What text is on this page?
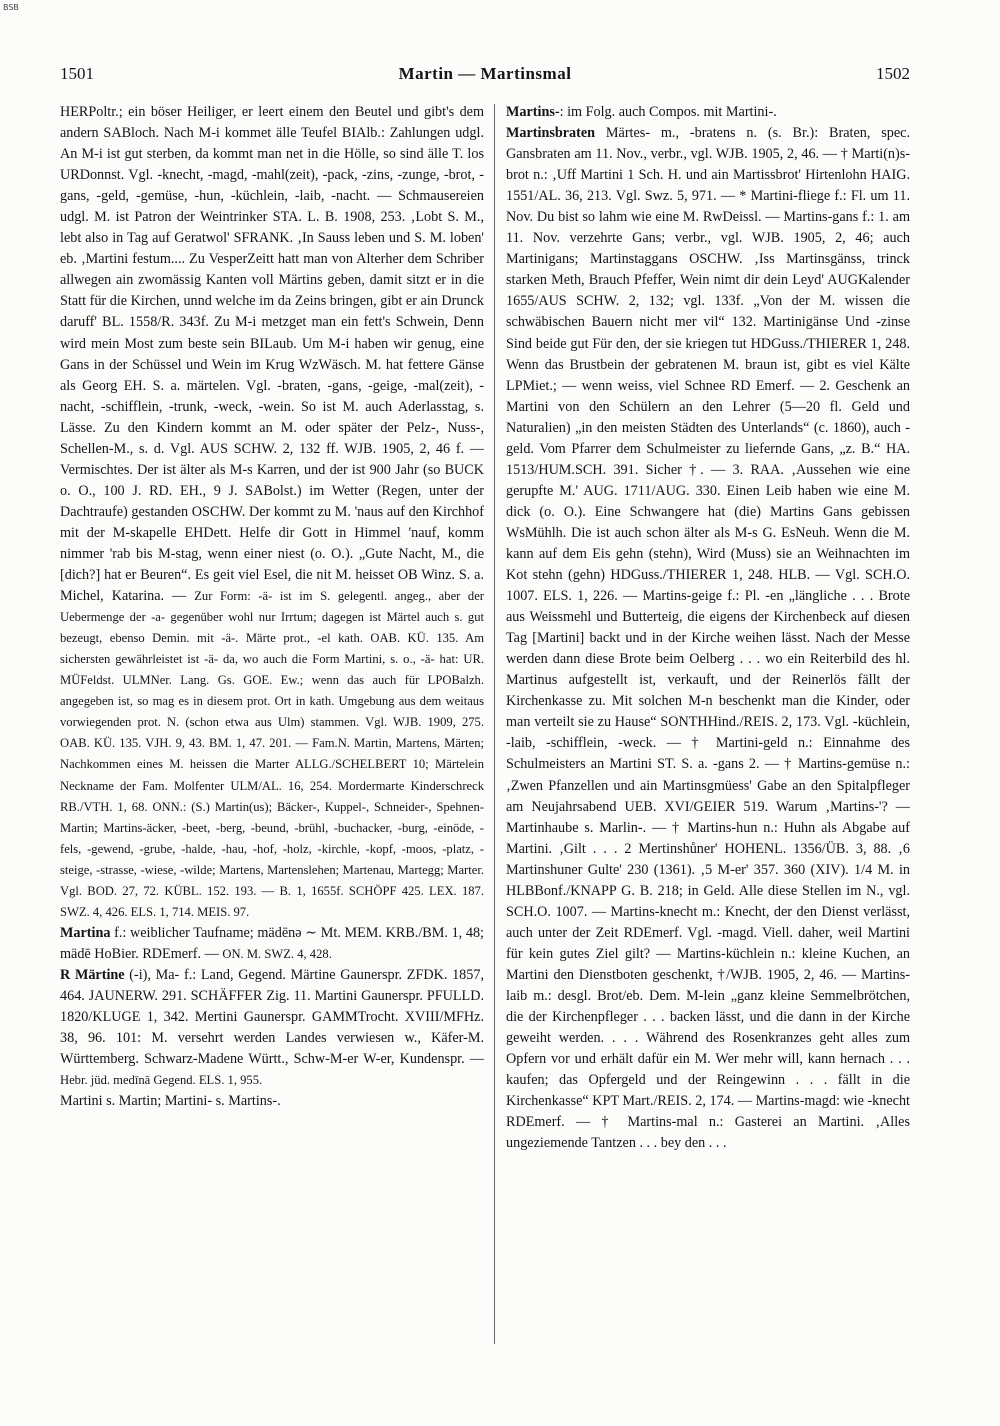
BSB
1501	Martin — Martinsmal	1502

HERPoltr.; ein böser Heiliger, er leert einem den Beutel und gibt's dem andern SABloch. Nach M-i kommet älle Teufel BIAlb.: Zahlungen udgl. An M-i ist gut sterben, da kommt man net in die Hölle, so sind älle T. los URDonnst. Vgl. -knecht, -magd, -mahl(zeit), -pack, -zins, -zunge, -brot, -gans, -geld, -gemüse, -hun, -küchlein, -laib, -nacht. — Schmausereien udgl. M. ist Patron der Weintrinker STA. L. B. 1908, 253. ‚Lobt S. M., lebt also in Tag auf Geratwol' SFRANK. ‚In Sauss leben und S. M. loben' eb. ‚Martini festum.... Zu VesperZeitt hatt man von Alterher dem Schriber allwegen ain zwomässig Kanten voll Märtins geben, damit sitzt er in die Statt für die Kirchen, unnd welche im da Zeins bringen, gibt er ain Drunck daruff' BL. 1558/R. 343f. Zu M-i metzget man ein fett's Schwein, Denn wird mein Most zum beste sein BILaub. Um M-i haben wir genug, eine Gans in der Schüssel und Wein im Krug WzWäsch. M. hat fettere Gänse als Georg EH. S. a. märtelen. Vgl. -braten, -gans, -geige, -mal(zeit), -nacht, -schifflein, -trunk, -weck, -wein. So ist M. auch Aderlasstag, s. Lässe. Zu den Kindern kommt an M. oder später der Pelz-, Nuss-, Schellen-M., s. d. Vgl. AUS SCHW. 2, 132 ff. WJB. 1905, 2, 46 f. — Vermischtes. Der ist älter als M-s Karren, und der ist 900 Jahr (so BUCK o. O., 100 J. RD. EH., 9 J. SABolst.) im Wetter (Regen, unter der Dachtraufe) gestanden OSCHW. Der kommt zu M. 'naus auf den Kirchhof mit der M-skapelle EHDett. Helfe dir Gott in Himmel 'nauf, komm nimmer 'rab bis M-stag, wenn einer niest (o. O.). „Gute Nacht, M., die [dich?] hat er Beuren“. Es geit viel Esel, die nit M. heisset OB Winz. S. a. Michel, Katarina. — Zur Form: -ä- ist im S. gelegentl. angeg., aber der Uebermenge der -a- gegenüber wohl nur Irrtum; dagegen ist Märtel auch s. gut bezeugt, ebenso Demin. mit -ä-. Märte prot., -el kath. OAB. KÜ. 135. Am sichersten gewährleistet ist -ä- da, wo auch die Form Martini, s. o., -ä- hat: UR. MÜFeldst. ULMNer. Lang. Gs. GOE. Ew.; wenn das auch für LPOBalzh. angegeben ist, so mag es in diesem prot. Ort in kath. Umgebung aus dem weitaus vorwiegenden prot. N. (schon etwa aus Ulm) stammen. Vgl. WJB. 1909, 275. OAB. KÜ. 135. VJH. 9, 43. BM. 1, 47. 201. — Fam.N. Martin, Martens, Märten; Nachkommen eines M. heissen die Marter ALLG./SCHELBERT 10; Märtelein Neckname der Fam. Molfenter ULM/AL. 16, 254. Mordermarte Kinderschreck RB./VTH. 1, 68. ONN.: (S.) Martin(us); Bäcker-, Kuppel-, Schneider-, Spehnen-Martin; Martins-äcker, -beet, -berg, -beund, -brühl, -buchacker, -burg, -einöde, -fels, -gewend, -grube, -halde, -hau, -hof, -holz, -kirchle, -kopf, -moos, -platz, -steige, -strasse, -wiese, -wilde; Martens, Martenslehen; Martenau, Martegg; Marter. Vgl. BOD. 27, 72. KÜBL. 152. 193. — B. 1, 1655f. SCHÖPF 425. LEX. 187. SWZ. 4, 426. ELS. 1, 714. MEIS. 97.

Martina f.: weiblicher Taufname; mädēnə ∼ Mt. MEM. KRB./BM. 1, 48; mädē HoBier. RDEmerf. — ON. M. SWZ. 4, 428.

R Märtine (-i), Ma- f.: Land, Gegend. Märtine Gaunerspr. ZFDK. 1857, 464. JAUNERW. 291. SCHÄFFER Zig. 11. Martini Gaunerspr. PFULLD. 1820/KLUGE 1, 342. Mertini Gaunerspr. GAMMTrocht. XVIII/MFHz. 38, 96. 101: M. versehrt werden Landes verwiesen w., Käfer-M. Württemberg. Schwarz-Madene Württ., Schw-M-er W-er, Kundenspr. — Hebr. jüd. medīnā Gegend. ELS. 1, 955.

Martini s. Martin; Martini- s. Martins-.

Martins-: im Folg. auch Compos. mit Martini-.

Martinsbraten Märtes- m., -bratens n. (s. Br.): Braten, spec. Gansbraten am 11. Nov., verbr., vgl. WJB. 1905, 2, 46. — † Marti(n)s-brot n.: ‚Uff Martini 1 Sch. H. und ain Martissbrot' Hirtenlohn HAIG. 1551/AL. 36, 213. Vgl. Swz. 5, 971. — * Martini-fliege f.: Fl. um 11. Nov. Du bist so lahm wie eine M. RwDeissl. — Martins-gans f.: 1. am 11. Nov. verzehrte Gans; verbr., vgl. WJB. 1905, 2, 46; auch Martinigans; Martinstaggans OSCHW. ‚Iss Martinsgänss, trinck starken Meth, Brauch Pfeffer, Wein nimt dir dein Leyd' AUGKalender 1655/AUS SCHW. 2, 132; vgl. 133f. „Von der M. wissen die schwäbischen Bauern nicht mer vil“ 132. Martinigänse Und -zinse Sind beide gut Für den, der sie kriegen tut HDGuss./THIERER 1, 248. Wenn das Brustbein der gebratenen M. braun ist, gibt es viel Kälte LPMiet.; — wenn weiss, viel Schnee RD Emerf. — 2. Geschenk an Martini von den Schülern an den Lehrer (5—20 fl. Geld und Naturalien) „in den meisten Städten des Unterlands“ (c. 1860), auch -geld. Vom Pfarrer dem Schulmeister zu liefernde Gans, „z. B.“ HA. 1513/HUM.SCH. 391. Sicher †. — 3. RAA. ‚Aussehen wie eine gerupfte M.' AUG. 1711/AUG. 330. Einen Leib haben wie eine M. dick (o. O.). Eine Schwangere hat (die) Martins Gans gebissen WsMühlh. Die ist auch schon älter als M-s G. EsNeuh. Wenn die M. kann auf dem Eis gehn (stehn), Wird (Muss) sie an Weihnachten im Kot stehn (gehn) HDGuss./THIERER 1, 248. HLB. — Vgl. SCH.O. 1007. ELS. 1, 226. — Martins-geige f.: Pl. -en „längliche . . . Brote aus Weissmehl und Butterteig, die eigens der Kirchenbeck auf diesen Tag [Martini] backt und in der Kirche weihen lässt. Nach der Messe werden dann diese Brote beim Oelberg . . . wo ein Reiterbild des hl. Martinus aufgestellt ist, verkauft, und der Reinerlös fällt der Kirchenkasse zu. Mit solchen M-n beschenkt man die Kinder, oder man verteilt sie zu Hause“ SONTHHind./REIS. 2, 173. Vgl. -küchlein, -laib, -schifflein, -weck. — † Martini-geld n.: Einnahme des Schulmeisters an Martini ST. S. a. -gans 2. — † Martins-gemüse n.: ‚Zwen Pfanzellen und ain Martinsgmüess' Gabe an den Spitalpfleger am Neujahrsabend UEB. XVI/GEIER 519. Warum ‚Martins-'? — Martinhaube s. Marlin-. — † Martins-hun n.: Huhn als Abgabe auf Martini. ‚Gilt . . . 2 Mertinshůner' HOHENL. 1356/ÜB. 3, 88. ‚6 Martinshuner Gulte' 230 (1361). ‚5 M-er' 357. 360 (XIV). 1/4 M. in HLBBonf./KNAPP G. B. 218; in Geld. Alle diese Stellen im N., vgl. SCH.O. 1007. — Martins-knecht m.: Knecht, der den Dienst verlässt, auch unter der Zeit RDEmerf. Vgl. -magd. Viell. daher, weil Martini für kein gutes Ziel gilt? — Martins-küchlein n.: kleine Kuchen, an Martini den Dienstboten geschenkt, †/WJB. 1905, 2, 46. — Martins-laib m.: desgl. Brot/eb. Dem. M-lein „ganz kleine Semmelbrötchen, die der Kirchenpfleger . . . backen lässt, und die dann in der Kirche geweiht werden. . . . Während des Rosenkranzes geht alles zum Opfern vor und erhält dafür ein M. Wer mehr will, kann hernach . . . kaufen; das Opfergeld und der Reingewinn . . . fällt in die Kirchenkasse“ KPT Mart./REIS. 2, 174. — Martins-magd: wie -knecht RDEmerf. — † Martins-mal n.: Gasterei an Martini. ‚Alles ungeziemende Tantzen . . . bey den . . .
